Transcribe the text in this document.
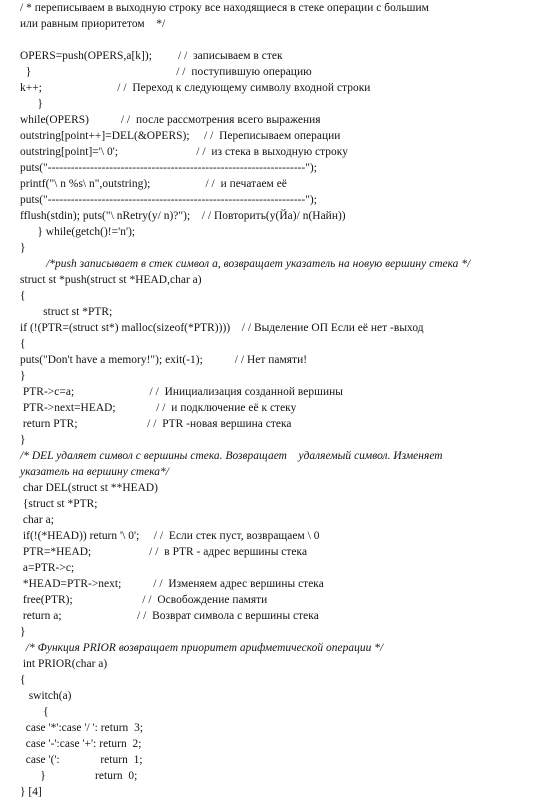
/ * переписываем в выходную строку все находящиеся в стеке операции с большим
или равным приоритетом    */
OPERS=push(OPERS,a[k]);         / /  записываем в стек
}                                                  / /  поступившую операцию
k++;                          / /  Переход к следующему символу входной строки
}
while(OPERS)           / /  после рассмотрения всего выражения
outstring[point++]=DEL(&OPERS);     / /  Переписываем операции
outstring[point]='\ 0';                           / /  из стека в выходную строку
puts("-------------------------------------------------------------------");
printf("\ n %s\ n",outstring);                   / /  и печатаем её
puts("-------------------------------------------------------------------");
fflush(stdin); puts("\ nRetry(y/ n)?");    / / Повторить(y(Йа)/ n(Найн))
} while(getch()!='n');
}
/*push записывает в стек символ a, возвращает указатель на новую вершину стека */
struct st *push(struct st *HEAD,char a)
{
struct st *PTR;
if (!(PTR=(struct st*) malloc(sizeof(*PTR))))    / / Выделение ОП Если её нет -выход
{
puts("Don't have a memory!"); exit(-1);           / / Нет памяти!
}
PTR->c=a;                          / /  Инициализация созданной вершины
PTR->next=HEAD;              / /  и подключение её к стеку
return PTR;                        / /  PTR -новая вершина стека
}
/* DEL удаляет символ с вершины стека. Возвращает    удаляемый символ. Изменяет
указатель на вершину стека*/
char DEL(struct st **HEAD)
{struct st *PTR;
char a;
if(!(*HEAD)) return '\ 0';     / /  Если стек пуст, возвращаем \ 0
PTR=*HEAD;                    / /  в PTR - адрес вершины стека
a=PTR->c;
*HEAD=PTR->next;           / /  Изменяем адрес вершины стека
free(PTR);                        / /  Освобождение памяти
return a;                          / /  Возврат символа с вершины стека
}
/* Функция PRIOR возвращает приоритет арифметической операции */
int PRIOR(char a)
{
switch(a)
{
case '*':case '/ ': return  3;
case '-':case '+': return  2;
case '(':              return  1;
}                 return  0;
} [4]
